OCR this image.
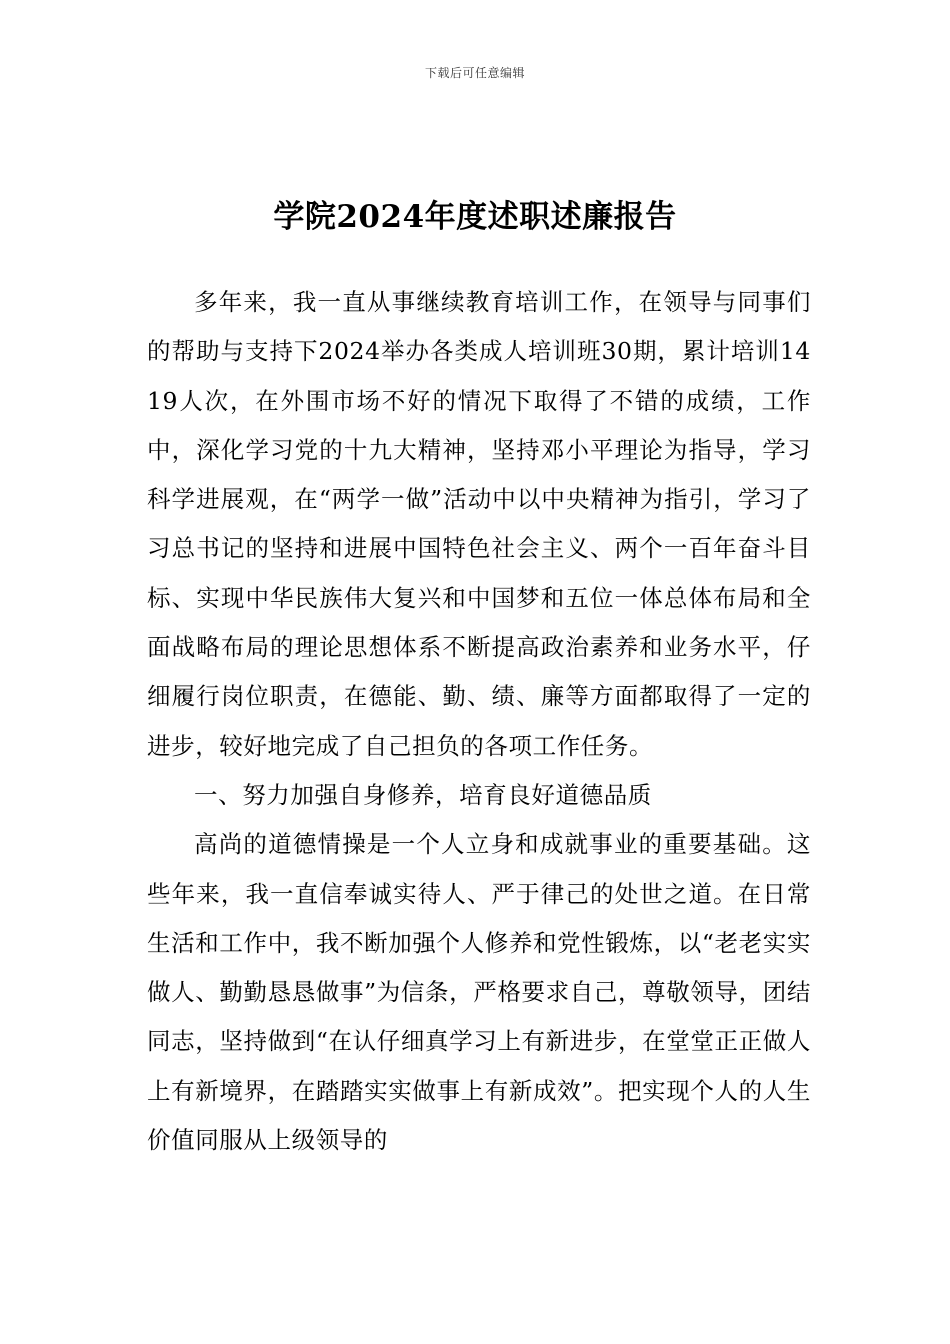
下载后可任意编辑
学院2024年度述职述廉报告

多年来，我一直从事继续教育培训工作，在领导与同事们的帮助与支持下2024举办各类成人培训班30期，累计培训1419人次，在外围市场不好的情况下取得了不错的成绩，工作中，深化学习党的十九大精神，坚持邓小平理论为指导，学习科学进展观，在“两学一做”活动中以中央精神为指引，学习了习总书记的坚持和进展中国特色社会主义、两个一百年奋斗目标、实现中华民族伟大复兴和中国梦和五位一体总体布局和全面战略布局的理论思想体系不断提高政治素养和业务水平，仔细履行岗位职责，在德能、勤、绩、廉等方面都取得了一定的进步，较好地完成了自己担负的各项工作任务。

一、努力加强自身修养，培育良好道德品质

高尚的道德情操是一个人立身和成就事业的重要基础。这些年来，我一直信奉诚实待人、严于律己的处世之道。在日常生活和工作中，我不断加强个人修养和党性锻炼，以“老老实实做人、勤勤恳恳做事”为信条，严格要求自己，尊敬领导，团结同志，坚持做到“在认仔细真学习上有新进步，在堂堂正正做人上有新境界，在踏踏实实做事上有新成效”。把实现个人的人生价值同服从上级领导的
